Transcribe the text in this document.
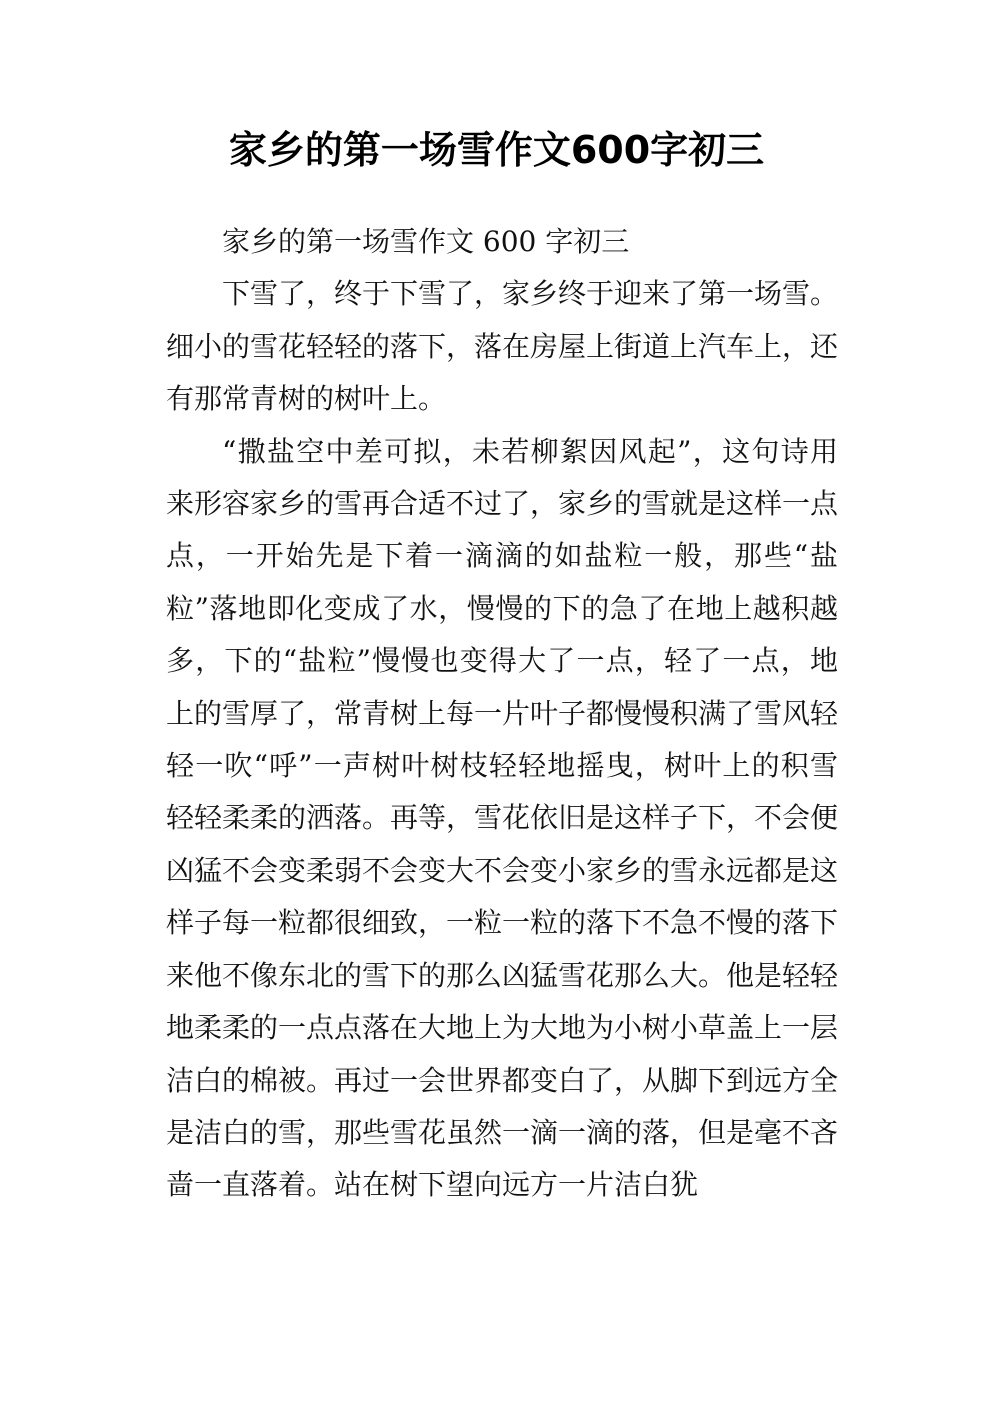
家乡的第一场雪作文600字初三

家乡的第一场雪作文 600 字初三

下雪了，终于下雪了，家乡终于迎来了第一场雪。细小的雪花轻轻的落下，落在房屋上街道上汽车上，还有那常青树的树叶上。

“撒盐空中差可拟，未若柳絮因风起”，这句诗用来形容家乡的雪再合适不过了，家乡的雪就是这样一点点，一开始先是下着一滴滴的如盐粒一般，那些“盐粒”落地即化变成了水，慢慢的下的急了在地上越积越多，下的“盐粒”慢慢也变得大了一点，轻了一点，地上的雪厚了，常青树上每一片叶子都慢慢积满了雪风轻轻一吹“呼”一声树叶树枝轻轻地摇曳，树叶上的积雪轻轻柔柔的洒落。再等，雪花依旧是这样子下，不会便凶猛不会变柔弱不会变大不会变小家乡的雪永远都是这样子每一粒都很细致，一粒一粒的落下不急不慢的落下来他不像东北的雪下的那么凶猛雪花那么大。他是轻轻地柔柔的一点点落在大地上为大地为小树小草盖上一层洁白的棉被。再过一会世界都变白了，从脚下到远方全是洁白的雪，那些雪花虽然一滴一滴的落，但是毫不吝啬一直落着。站在树下望向远方一片洁白犹
